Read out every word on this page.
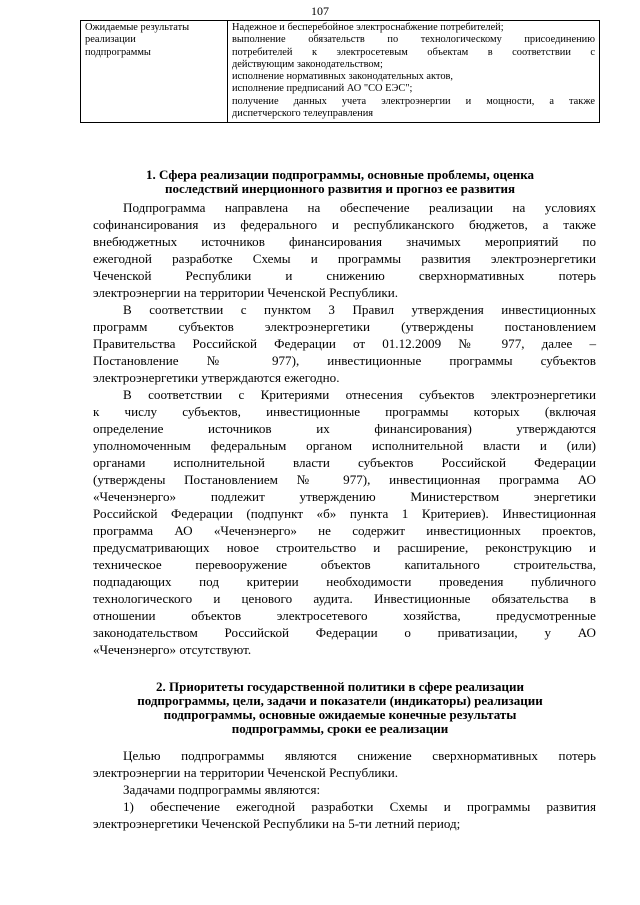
107
Ожидаемые результаты
реализации
подпрограммы

Надежное и бесперебойное электроснабжение потребителей;
выполнение обязательств по технологическому присоединению
потребителей к электросетевым объектам в соответствии с
действующим законодательством;
исполнение нормативных законодательных актов,
исполнение предписаний АО "СО ЕЭС";
получение данных учета электроэнергии и мощности, а также
диспетчерского телеуправления
1. Сфера реализации подпрограммы, основные проблемы, оценка
последствий инерционного развития и прогноз ее развития
Подпрограмма направлена на обеспечение реализации на условиях
софинансирования из федерального и республиканского бюджетов, а также
внебюджетных источников финансирования значимых мероприятий по
ежегодной разработке Схемы и программы развития электроэнергетики
Чеченской Республики и снижению сверхнормативных потерь
электроэнергии на территории Чеченской Республики.
В соответствии с пунктом 3 Правил утверждения инвестиционных
программ субъектов электроэнергетики (утверждены постановлением
Правительства Российской Федерации от 01.12.2009 № 977, далее –
Постановление № 977), инвестиционные программы субъектов
электроэнергетики утверждаются ежегодно.
В соответствии с Критериями отнесения субъектов электроэнергетики
к числу субъектов, инвестиционные программы которых (включая
определение источников их финансирования) утверждаются
уполномоченным федеральным органом исполнительной власти и (или)
органами исполнительной власти субъектов Российской Федерации
(утверждены Постановлением № 977), инвестиционная программа АО
«Чеченэнерго» подлежит утверждению Министерством энергетики
Российской Федерации (подпункт «б» пункта 1 Критериев). Инвестиционная
программа АО «Чеченэнерго» не содержит инвестиционных проектов,
предусматривающих новое строительство и расширение, реконструкцию и
техническое перевооружение объектов капитального строительства,
подпадающих под критерии необходимости проведения публичного
технологического и ценового аудита. Инвестиционные обязательства в
отношении объектов электросетевого хозяйства, предусмотренные
законодательством Российской Федерации о приватизации, у АО
«Чеченэнерго» отсутствуют.
2. Приоритеты государственной политики в сфере реализации
подпрограммы, цели, задачи и показатели (индикаторы) реализации
подпрограммы, основные ожидаемые конечные результаты
подпрограммы, сроки ее реализации
Целью подпрограммы являются снижение сверхнормативных потерь
электроэнергии на территории Чеченской Республики.
Задачами подпрограммы являются:
1) обеспечение ежегодной разработки Схемы и программы развития
электроэнергетики Чеченской Республики на 5-ти летний период;
